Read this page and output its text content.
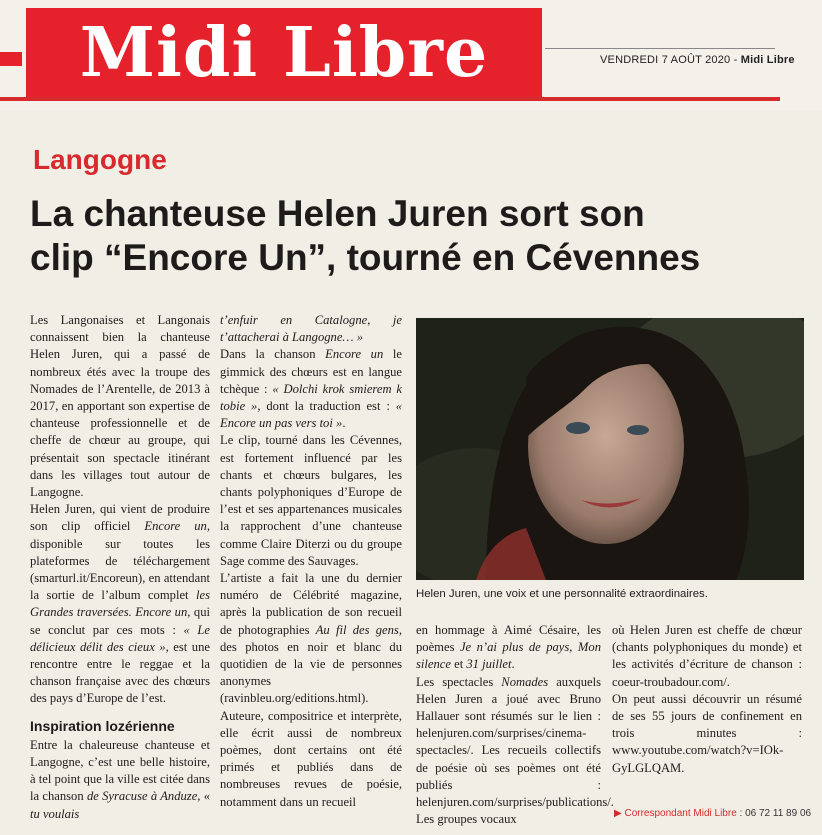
Midi Libre	VENDREDI 7 AOÛT 2020 - Midi Libre
Langogne
La chanteuse Helen Juren sort son
clip “Encore Un”, tourné en Cévennes

Les Langonaises et Langonais connaissent bien la chanteuse Helen Juren, qui a passé de nombreux étés avec la troupe des Nomades de l’Arentelle, de 2013 à 2017, en apportant son expertise de chanteuse professionnelle et de cheffe de chœur au groupe, qui présentait son spectacle itinérant dans les villages tout autour de Langogne.

Helen Juren, qui vient de produire son clip officiel Encore un, disponible sur toutes les plateformes de téléchargement (smarturl.it/Encoreun), en attendant la sortie de l’album complet les Grandes traversées. Encore un, qui se conclut par ces mots : « Le délicieux délit des cieux », est une rencontre entre le reggae et la chanson française avec des chœurs des pays d’Europe de l’est.

Inspiration lozérienne

Entre la chaleureuse chanteuse et Langogne, c’est une belle histoire, à tel point que la ville est citée dans la chanson de Syracuse à Anduze, « tu voulais

t’enfuir en Catalogne, je t’attacherai à Langogne… »

Dans la chanson Encore un le gimmick des chœurs est en langue tchèque : « Dolchi krok smierem k tobie », dont la traduction est : « Encore un pas vers toi ».

Le clip, tourné dans les Cévennes, est fortement influencé par les chants et chœurs bulgares, les chants polyphoniques d’Europe de l’est et ses appartenances musicales la rapprochent d’une chanteuse comme Claire Diterzi ou du groupe Sage comme des Sauvages.

L’artiste a fait la une du dernier numéro de Célébrité magazine, après la publication de son recueil de photographies Au fil des gens, des photos en noir et blanc du quotidien de la vie de personnes anonymes (ravinbleu.org/editions.html).

Auteure, compositrice et interprète, elle écrit aussi de nombreux poèmes, dont certains ont été primés et publiés dans de nombreuses revues de poésie, notamment dans un recueil

Helen Juren, une voix et une personnalité extraordinaires.

en hommage à Aimé Césaire, les poèmes Je n’ai plus de pays, Mon silence et 31 juillet.

Les spectacles Nomades auxquels Helen Juren a joué avec Bruno Hallauer sont résumés sur le lien : helenjuren.com/surprises/cinema-spectacles/. Les recueils collectifs de poésie où ses poèmes ont été publiés : helenjuren.com/surprises/publications/. Les groupes vocaux

où Helen Juren est cheffe de chœur (chants polyphoniques du monde) et les activités d’écriture de chanson : coeur-troubadour.com/.

On peut aussi découvrir un résumé de ses 55 jours de confinement en trois minutes : www.youtube.com/watch?v=IOk-GyLGLQAM.

▶ Correspondant Midi Libre : 06 72 11 89 06
